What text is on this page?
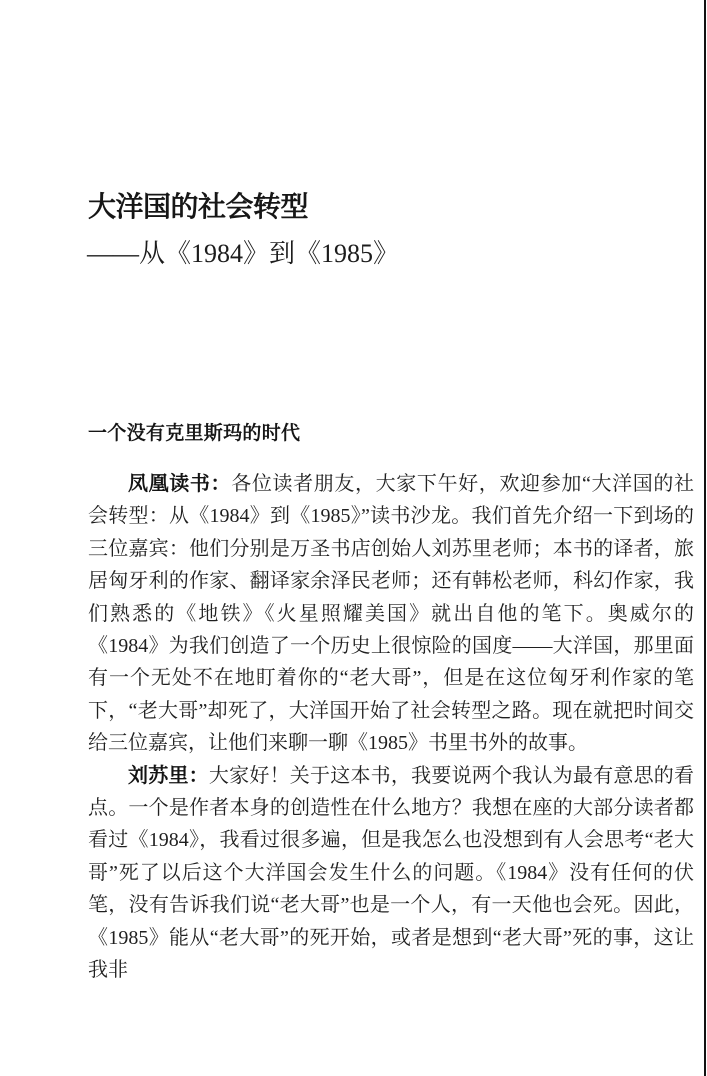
大洋国的社会转型
——从《1984》到《1985》
一个没有克里斯玛的时代

凤凰读书：各位读者朋友，大家下午好，欢迎参加“大洋国的社会转型：从《1984》到《1985》”读书沙龙。我们首先介绍一下到场的三位嘉宾：他们分别是万圣书店创始人刘苏里老师；本书的译者，旅居匈牙利的作家、翻译家余泽民老师；还有韩松老师，科幻作家，我们熟悉的《地铁》《火星照耀美国》就出自他的笔下。奥威尔的《1984》为我们创造了一个历史上很惊险的国度——大洋国，那里面有一个无处不在地盯着你的“老大哥”，但是在这位匈牙利作家的笔下，“老大哥”却死了，大洋国开始了社会转型之路。现在就把时间交给三位嘉宾，让他们来聊一聊《1985》书里书外的故事。

刘苏里：大家好！关于这本书，我要说两个我认为最有意思的看点。一个是作者本身的创造性在什么地方？我想在座的大部分读者都看过《1984》，我看过很多遍，但是我怎么也没想到有人会思考“老大哥”死了以后这个大洋国会发生什么的问题。《1984》没有任何的伏笔，没有告诉我们说“老大哥”也是一个人，有一天他也会死。因此，《1985》能从“老大哥”的死开始，或者是想到“老大哥”死的事，这让我非
